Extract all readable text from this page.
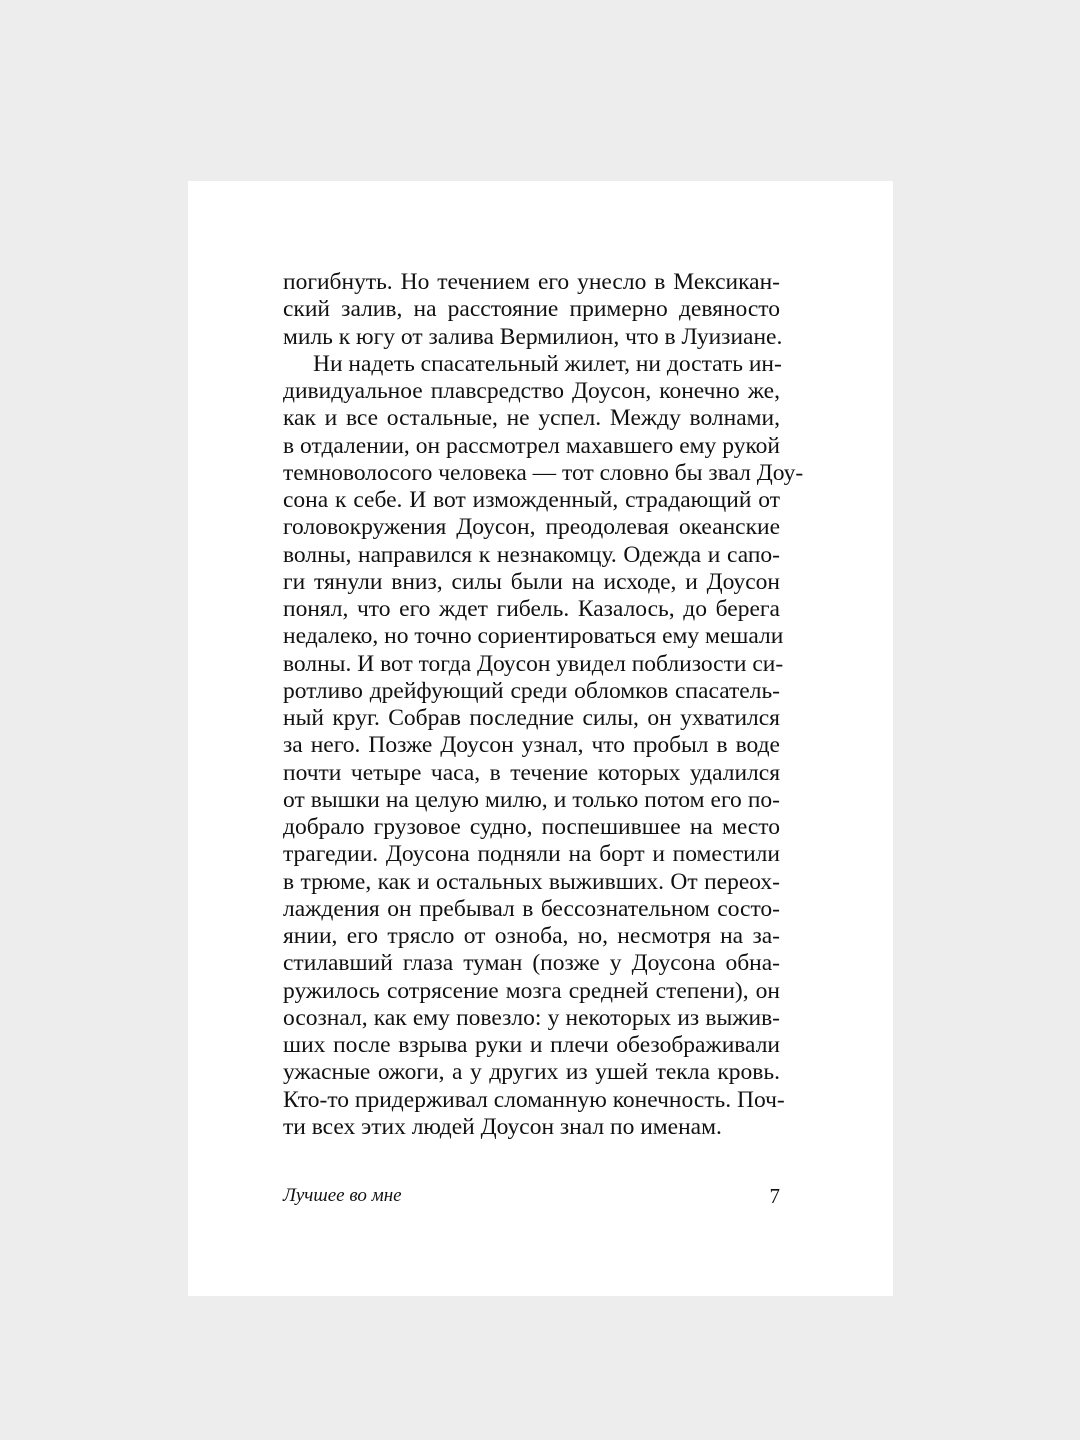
погибнуть. Но течением его унесло в Мексикан-
ский залив, на расстояние примерно девяносто
миль к югу от залива Вермилион, что в Луизиане.

Ни надеть спасательный жилет, ни достать ин-
дивидуальное плавсредство Доусон, конечно же,
как и все остальные, не успел. Между волнами,
в отдалении, он рассмотрел махавшего ему рукой
темноволосого человека — тот словно бы звал Доу-
сона к себе. И вот изможденный, страдающий от
головокружения Доусон, преодолевая океанские
волны, направился к незнакомцу. Одежда и сапо-
ги тянули вниз, силы были на исходе, и Доусон
понял, что его ждет гибель. Казалось, до берега
недалеко, но точно сориентироваться ему мешали
волны. И вот тогда Доусон увидел поблизости си-
ротливо дрейфующий среди обломков спасатель-
ный круг. Собрав последние силы, он ухватился
за него. Позже Доусон узнал, что пробыл в воде
почти четыре часа, в течение которых удалился
от вышки на целую милю, и только потом его по-
добрало грузовое судно, поспешившее на место
трагедии. Доусона подняли на борт и поместили
в трюме, как и остальных выживших. От переох-
лаждения он пребывал в бессознательном состо-
янии, его трясло от озноба, но, несмотря на за-
стилавший глаза туман (позже у Доусона обна-
ружилось сотрясение мозга средней степени), он
осознал, как ему повезло: у некоторых из выжив-
ших после взрыва руки и плечи обезображивали
ужасные ожоги, а у других из ушей текла кровь.
Кто-то придерживал сломанную конечность. Поч-
ти всех этих людей Доусон знал по именам.

Лучшее во мне	7
